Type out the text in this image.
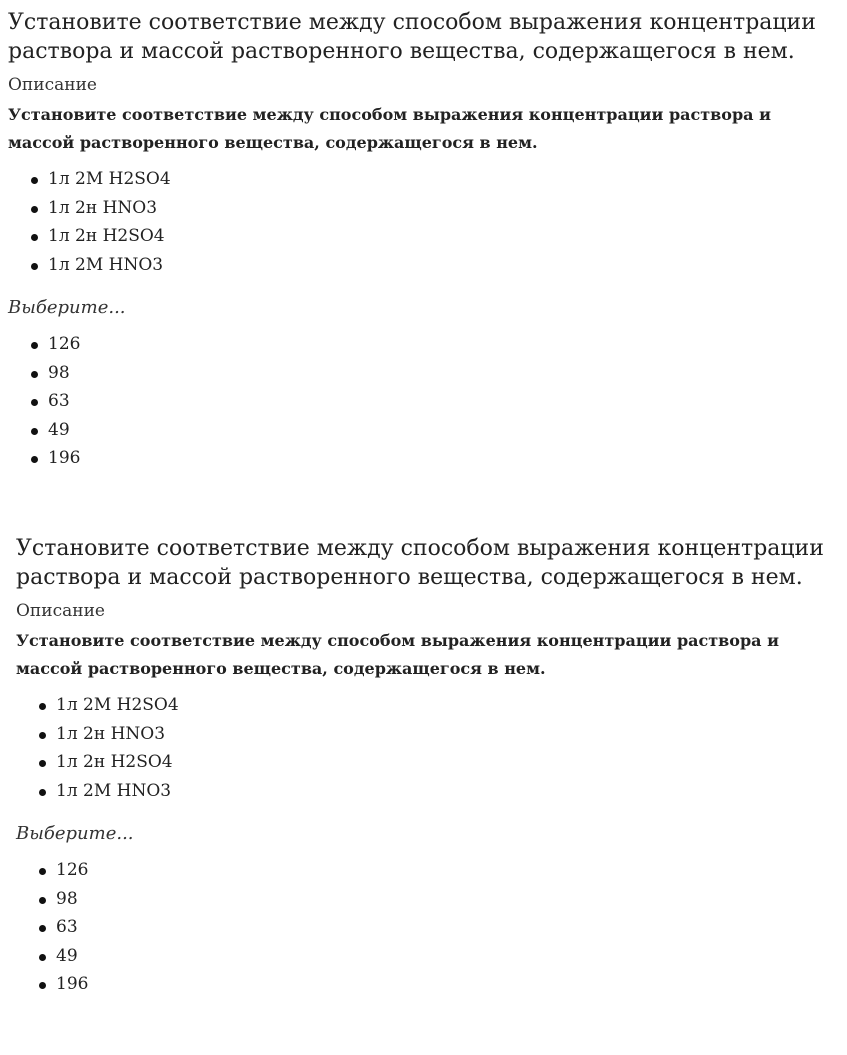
Установите соответствие между способом выражения концентрации раствора и массой растворенного вещества, содержащегося в нем.
Описание
Установите соответствие между способом выражения концентрации раствора и массой растворенного вещества, содержащегося в нем.
1л 2М H2SO4
1л 2н HNO3
1л 2н H2SO4
1л 2М HNO3
Выберите...
126
98
63
49
196
Установите соответствие между способом выражения концентрации раствора и массой растворенного вещества, содержащегося в нем.
Описание
Установите соответствие между способом выражения концентрации раствора и массой растворенного вещества, содержащегося в нем.
1л 2М H2SO4
1л 2н HNO3
1л 2н H2SO4
1л 2М HNO3
Выберите...
126
98
63
49
196
